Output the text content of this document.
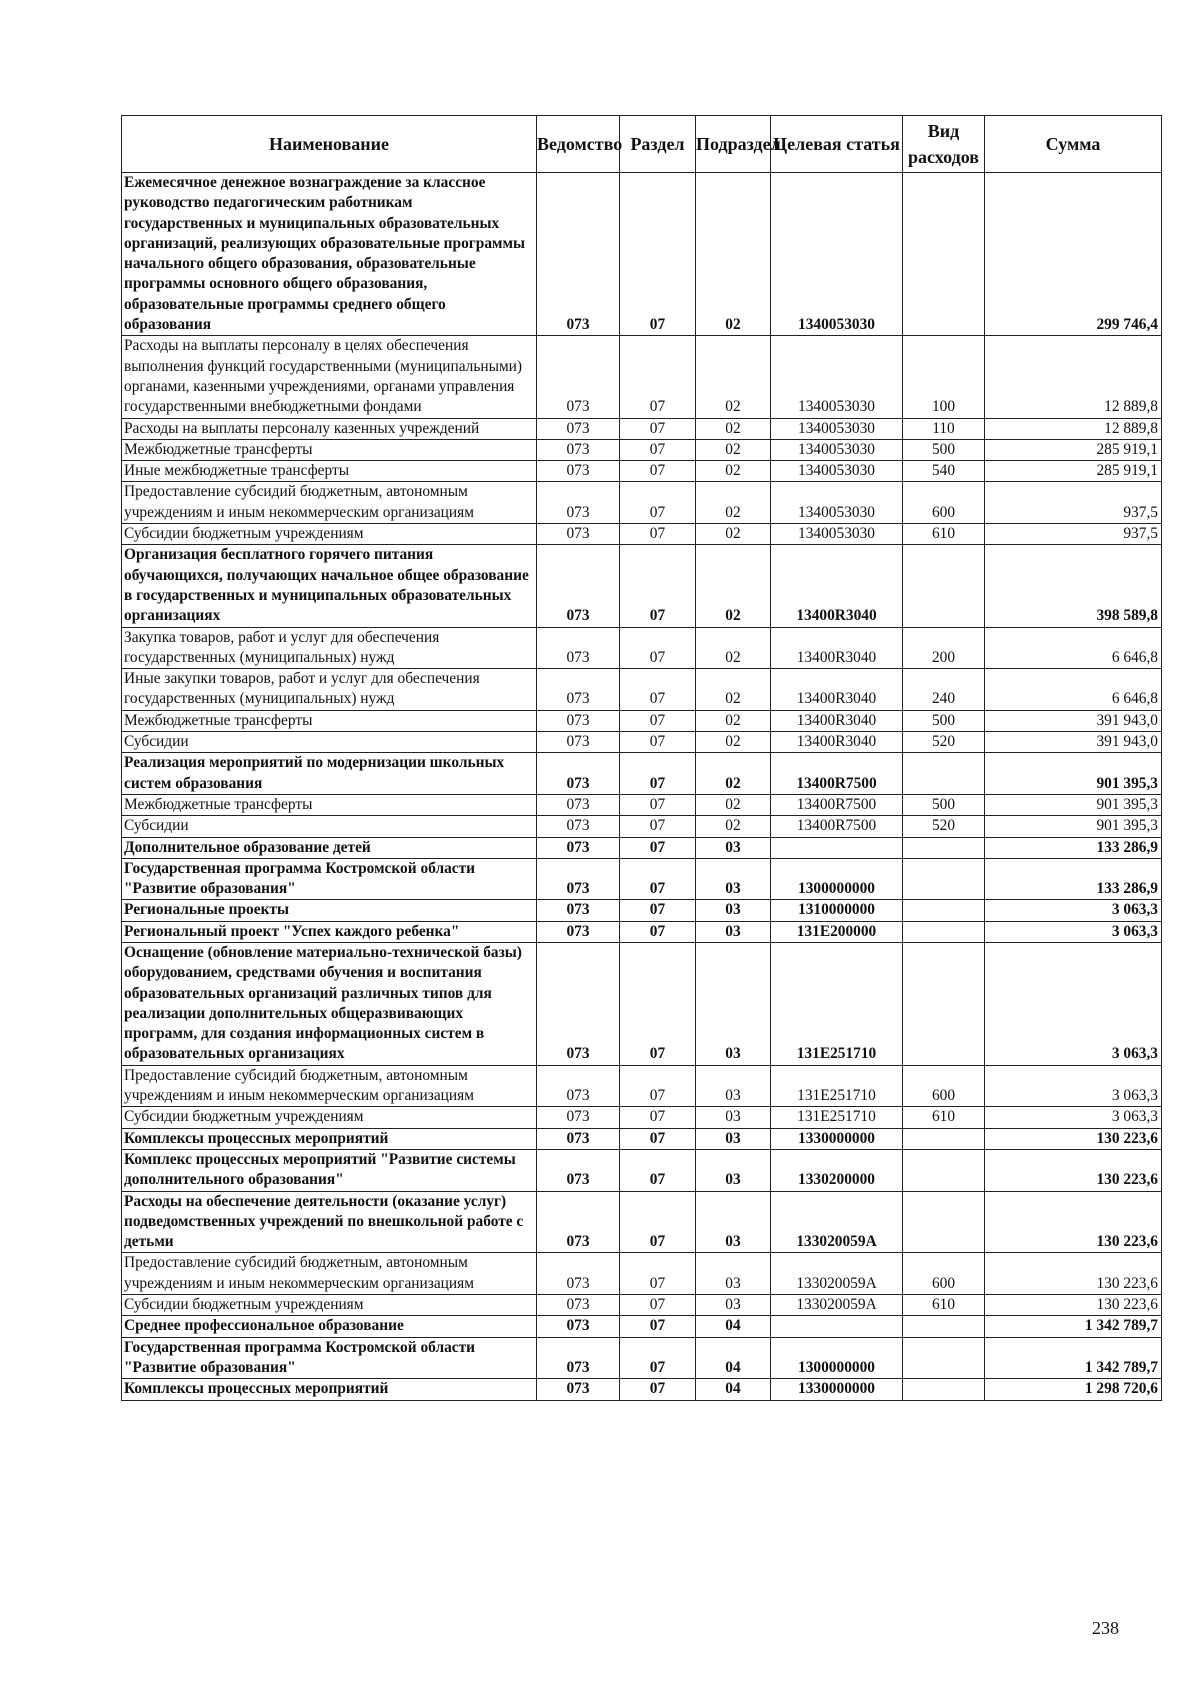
Наименование	Ведомство	Раздел	Подраздел	Целевая статья	Вид расходов	Сумма
Ежемесячное денежное вознаграждение за классное руководство педагогическим работникам государственных и муниципальных образовательных организаций, реализующих образовательные программы начального общего образования, образовательные программы основного общего образования, образовательные программы среднего общего образования	073	07	02	1340053030		299 746,4
Расходы на выплаты персоналу в целях обеспечения выполнения функций государственными (муниципальными) органами, казенными учреждениями, органами управления государственными внебюджетными фондами	073	07	02	1340053030	100	12 889,8
Расходы на выплаты персоналу казенных учреждений	073	07	02	1340053030	110	12 889,8
Межбюджетные трансферты	073	07	02	1340053030	500	285 919,1
Иные межбюджетные трансферты	073	07	02	1340053030	540	285 919,1
Предоставление субсидий бюджетным, автономным учреждениям и иным некоммерческим организациям	073	07	02	1340053030	600	937,5
Субсидии бюджетным учреждениям	073	07	02	1340053030	610	937,5
Организация бесплатного горячего питания обучающихся, получающих начальное общее образование в государственных и муниципальных образовательных организациях	073	07	02	13400R3040		398 589,8
Закупка товаров, работ и услуг для обеспечения государственных (муниципальных) нужд	073	07	02	13400R3040	200	6 646,8
Иные закупки товаров, работ и услуг для обеспечения государственных (муниципальных) нужд	073	07	02	13400R3040	240	6 646,8
Межбюджетные трансферты	073	07	02	13400R3040	500	391 943,0
Субсидии	073	07	02	13400R3040	520	391 943,0
Реализация мероприятий по модернизации школьных систем образования	073	07	02	13400R7500		901 395,3
Межбюджетные трансферты	073	07	02	13400R7500	500	901 395,3
Субсидии	073	07	02	13400R7500	520	901 395,3
Дополнительное образование детей	073	07	03			133 286,9
Государственная программа Костромской области "Развитие образования"	073	07	03	1300000000		133 286,9
Региональные проекты	073	07	03	1310000000		3 063,3
Региональный проект "Успех каждого ребенка"	073	07	03	131E200000		3 063,3
Оснащение (обновление материально-технической базы) оборудованием, средствами обучения и воспитания образовательных организаций различных типов для реализации дополнительных общеразвивающих программ, для создания информационных систем в образовательных организациях	073	07	03	131E251710		3 063,3
Предоставление субсидий бюджетным, автономным учреждениям и иным некоммерческим организациям	073	07	03	131E251710	600	3 063,3
Субсидии бюджетным учреждениям	073	07	03	131E251710	610	3 063,3
Комплексы процессных мероприятий	073	07	03	1330000000		130 223,6
Комплекс процессных мероприятий "Развитие системы дополнительного образования"	073	07	03	1330200000		130 223,6
Расходы на обеспечение деятельности (оказание услуг) подведомственных учреждений по внешкольной работе с детьми	073	07	03	133020059А		130 223,6
Предоставление субсидий бюджетным, автономным учреждениям и иным некоммерческим организациям	073	07	03	133020059А	600	130 223,6
Субсидии бюджетным учреждениям	073	07	03	133020059А	610	130 223,6
Среднее профессиональное образование	073	07	04			1 342 789,7
Государственная программа Костромской области "Развитие образования"	073	07	04	1300000000		1 342 789,7
Комплексы процессных мероприятий	073	07	04	1330000000		1 298 720,6
238
